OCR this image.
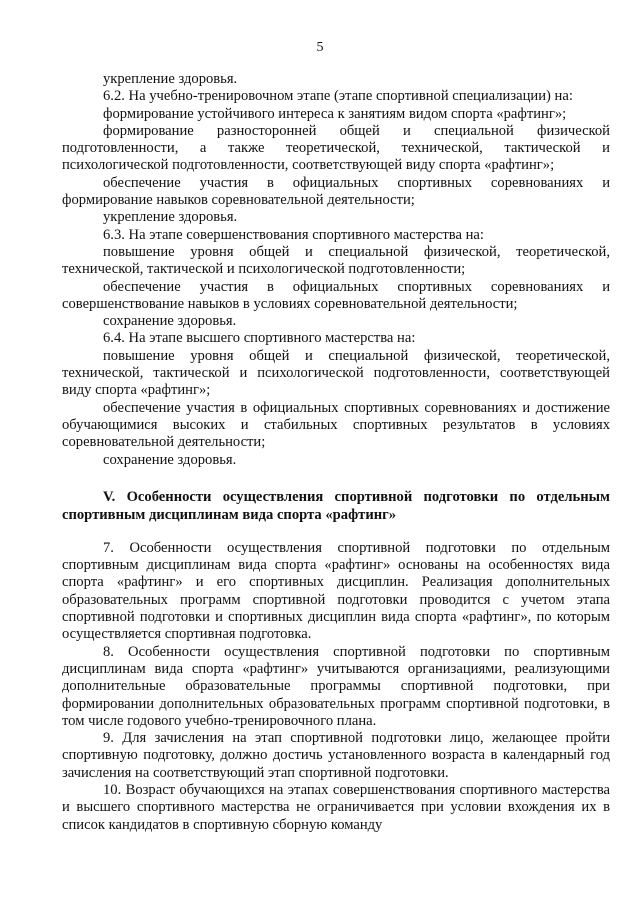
5

укрепление здоровья.

6.2. На учебно-тренировочном этапе (этапе спортивной специализации) на:

формирование устойчивого интереса к занятиям видом спорта «рафтинг»;

формирование разносторонней общей и специальной физической подготовленности, а также теоретической, технической, тактической и психологической подготовленности, соответствующей виду спорта «рафтинг»;

обеспечение участия в официальных спортивных соревнованиях и формирование навыков соревновательной деятельности;

укрепление здоровья.

6.3. На этапе совершенствования спортивного мастерства на:

повышение уровня общей и специальной физической, теоретической, технической, тактической и психологической подготовленности;

обеспечение участия в официальных спортивных соревнованиях и совершенствование навыков в условиях соревновательной деятельности;

сохранение здоровья.

6.4. На этапе высшего спортивного мастерства на:

повышение уровня общей и специальной физической, теоретической, технической, тактической и психологической подготовленности, соответствующей виду спорта «рафтинг»;

обеспечение участия в официальных спортивных соревнованиях и достижение обучающимися высоких и стабильных спортивных результатов в условиях соревновательной деятельности;

сохранение здоровья.

V. Особенности осуществления спортивной подготовки по отдельным спортивным дисциплинам вида спорта «рафтинг»

7. Особенности осуществления спортивной подготовки по отдельным спортивным дисциплинам вида спорта «рафтинг» основаны на особенностях вида спорта «рафтинг» и его спортивных дисциплин. Реализация дополнительных образовательных программ спортивной подготовки проводится с учетом этапа спортивной подготовки и спортивных дисциплин вида спорта «рафтинг», по которым осуществляется спортивная подготовка.

8. Особенности осуществления спортивной подготовки по спортивным дисциплинам вида спорта «рафтинг» учитываются организациями, реализующими дополнительные образовательные программы спортивной подготовки, при формировании дополнительных образовательных программ спортивной подготовки, в том числе годового учебно-тренировочного плана.

9. Для зачисления на этап спортивной подготовки лицо, желающее пройти спортивную подготовку, должно достичь установленного возраста в календарный год зачисления на соответствующий этап спортивной подготовки.

10. Возраст обучающихся на этапах совершенствования спортивного мастерства и высшего спортивного мастерства не ограничивается при условии вхождения их в список кандидатов в спортивную сборную команду
